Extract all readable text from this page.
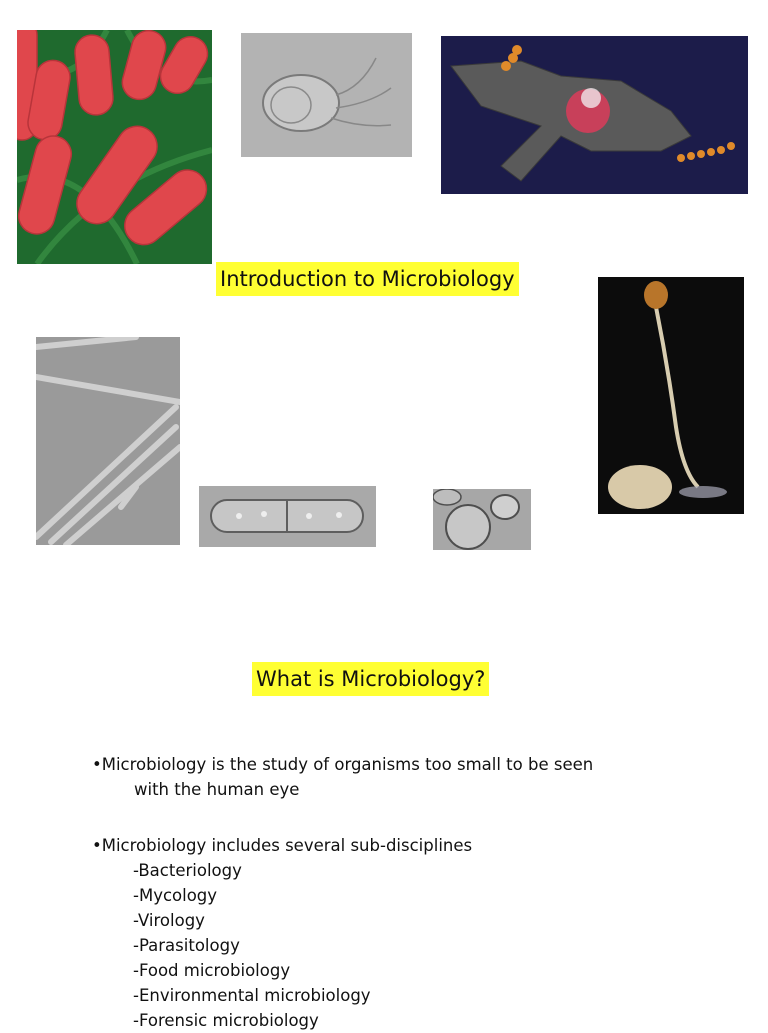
Introduction to Microbiology
What is Microbiology?

•Microbiology is the study of organisms too small to be seen

with the human eye

•Microbiology includes several sub-disciplines

-Bacteriology

-Mycology

-Virology

-Parasitology

-Food microbiology

-Environmental microbiology

-Forensic microbiology
